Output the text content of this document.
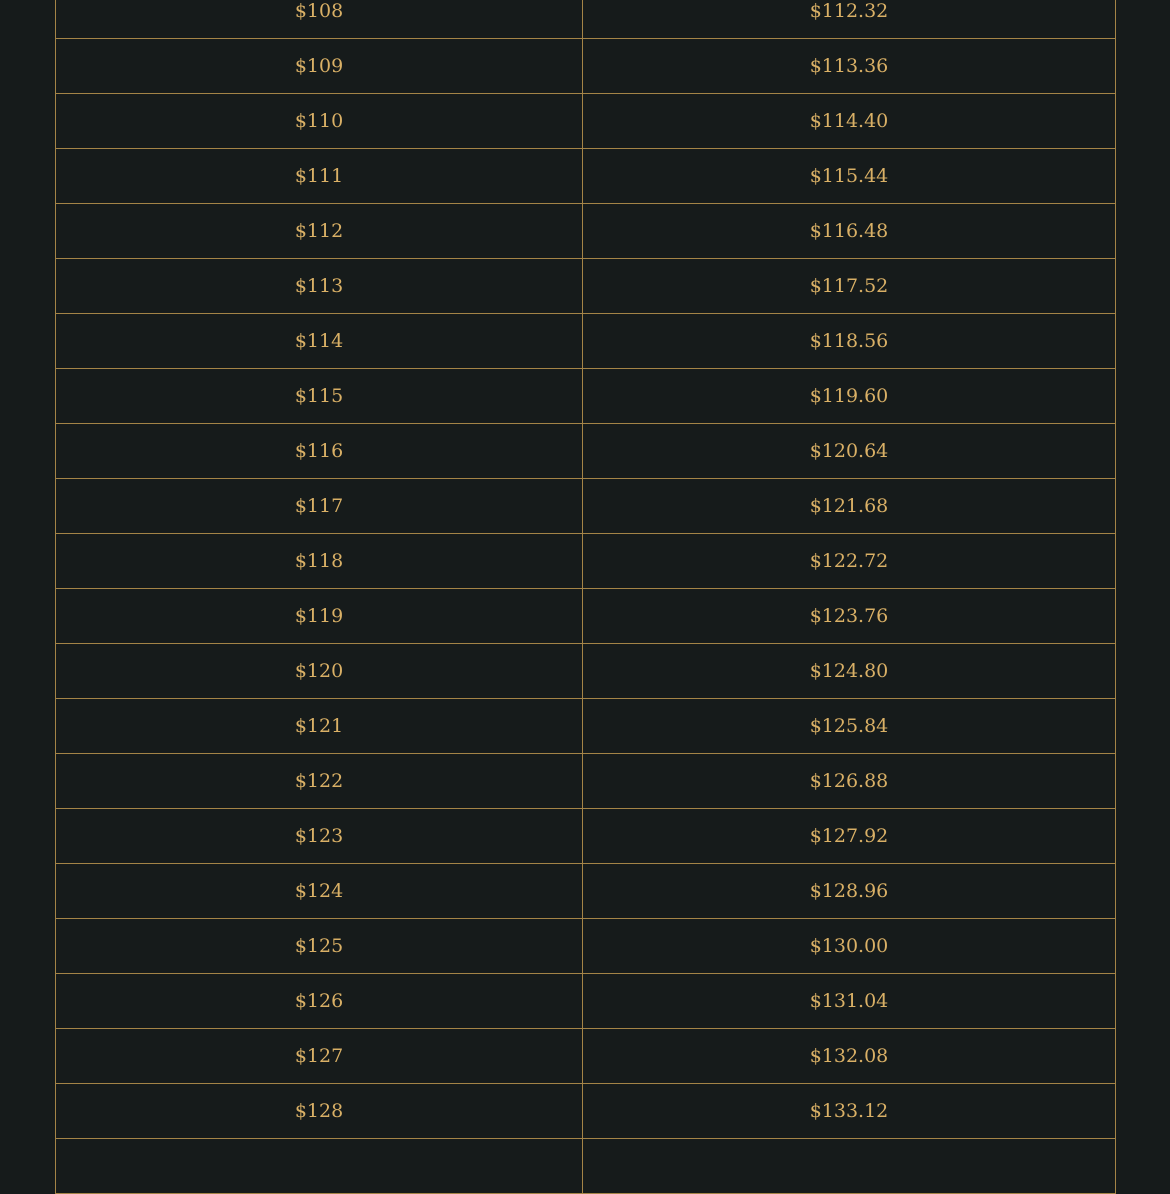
$108	$112.32
$109	$113.36
$110	$114.40
$111	$115.44
$112	$116.48
$113	$117.52
$114	$118.56
$115	$119.60
$116	$120.64
$117	$121.68
$118	$122.72
$119	$123.76
$120	$124.80
$121	$125.84
$122	$126.88
$123	$127.92
$124	$128.96
$125	$130.00
$126	$131.04
$127	$132.08
$128	$133.12
